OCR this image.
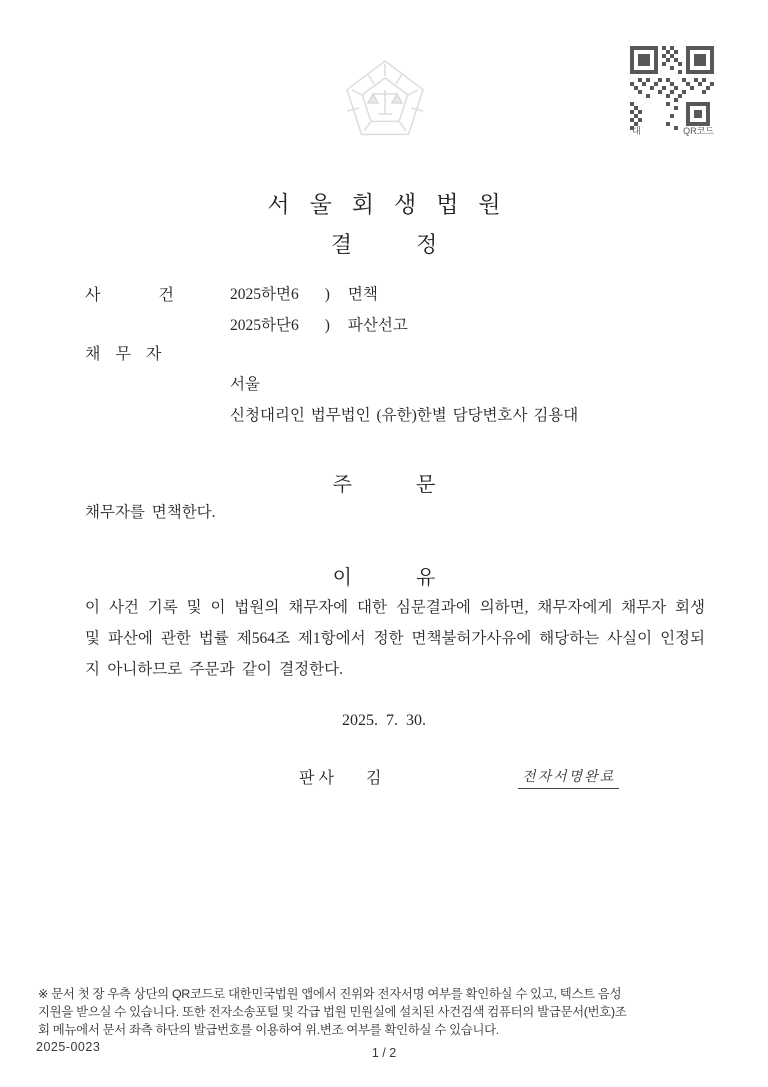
대	QR코드
서울회생법원
결정
사건
2025하면6 ) 면책
2025하단6 ) 파산선고
채무자
서울
신청대리인 법무법인 (유한)한별 담당변호사 김용대
주문
채무자를 면책한다.
이유
이 사건 기록 및 이 법원의 채무자에 대한 심문결과에 의하면, 채무자에게 채무자 회생 및 파산에 관한 법률 제564조 제1항에서 정한 면책불허가사유에 해당하는 사실이 인정되지 아니하므로 주문과 같이 결정한다.
2025. 7. 30.
판사 김	전자서명완료
※ 문서 첫 장 우측 상단의 QR코드로 대한민국법원 앱에서 진위와 전자서명 여부를 확인하실 수 있고, 텍스트 음성
지원을 받으실 수 있습니다. 또한 전자소송포털 및 각급 법원 민원실에 설치된 사건검색 컴퓨터의 발급문서(번호)조
회 메뉴에서 문서 좌측 하단의 발급번호를 이용하여 위.변조 여부를 확인하실 수 있습니다.
2025-0023	1 / 2
